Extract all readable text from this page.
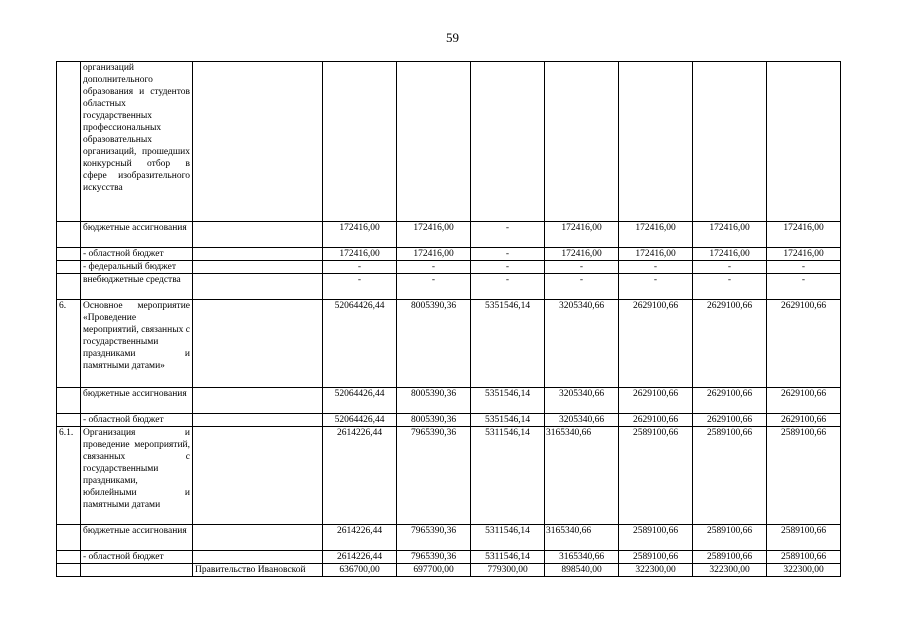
59
	организаций дополнительного образования и студентов областных государственных профессиональных образовательных организаций, прошедших конкурсный отбор в сфере изобразительного искусства								
	бюджетные ассигнования		172416,00	172416,00	-	172416,00	172416,00	172416,00	172416,00
	- областной бюджет		172416,00	172416,00	-	172416,00	172416,00	172416,00	172416,00
	- федеральный бюджет		-	-	-	-	-	-	-
	внебюджетные средства		-	-	-	-	-	-	-
6.	Основное мероприятие «Проведение мероприятий, связанных с государственными праздниками и памятными датами»		52064426,44	8005390,36	5351546,14	3205340,66	2629100,66	2629100,66	2629100,66
	бюджетные ассигнования		52064426,44	8005390,36	5351546,14	3205340,66	2629100,66	2629100,66	2629100,66
	- областной бюджет		52064426,44	8005390,36	5351546,14	3205340,66	2629100,66	2629100,66	2629100,66
6.1.	Организация и проведение мероприятий, связанных с государственными праздниками, юбилейными и памятными датами		2614226,44	7965390,36	5311546,14	3165340,66	2589100,66	2589100,66	2589100,66
	бюджетные ассигнования		2614226,44	7965390,36	5311546,14	3165340,66	2589100,66	2589100,66	2589100,66
	- областной бюджет		2614226,44	7965390,36	5311546,14	3165340,66	2589100,66	2589100,66	2589100,66
		Правительство Ивановской	636700,00	697700,00	779300,00	898540,00	322300,00	322300,00	322300,00
